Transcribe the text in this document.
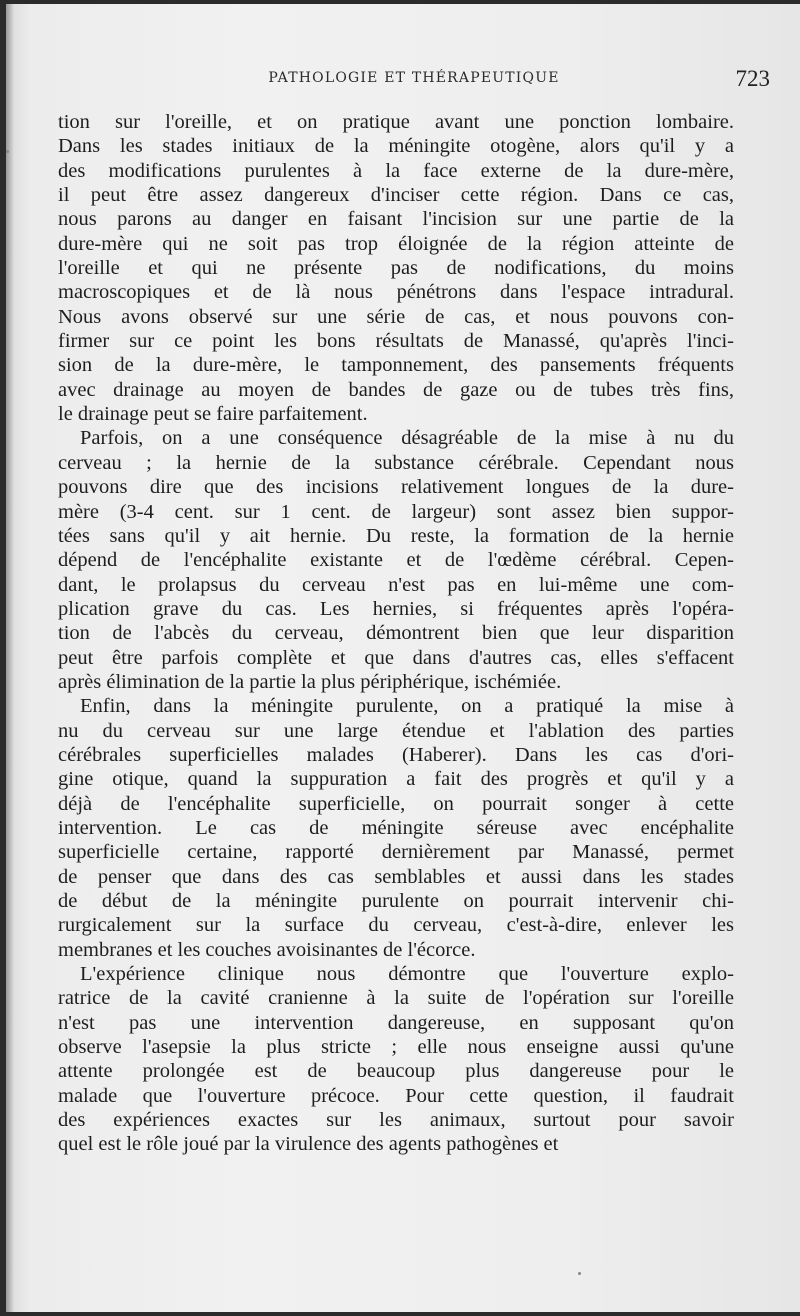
PATHOLOGIE ET THÉRAPEUTIQUE	723
tion sur l'oreille, et on pratique avant une ponction lombaire.
Dans les stades initiaux de la méningite otogène, alors qu'il y a
des modifications purulentes à la face externe de la dure-mère,
il peut être assez dangereux d'inciser cette région. Dans ce cas,
nous parons au danger en faisant l'incision sur une partie de la
dure-mère qui ne soit pas trop éloignée de la région atteinte de
l'oreille et qui ne présente pas de nodifications, du moins
macroscopiques et de là nous pénétrons dans l'espace intradural.
Nous avons observé sur une série de cas, et nous pouvons con-
firmer sur ce point les bons résultats de Manassé, qu'après l'inci-
sion de la dure-mère, le tamponnement, des pansements fréquents
avec drainage au moyen de bandes de gaze ou de tubes très fins,
le drainage peut se faire parfaitement.
Parfois, on a une conséquence désagréable de la mise à nu du
cerveau ; la hernie de la substance cérébrale. Cependant nous
pouvons dire que des incisions relativement longues de la dure-
mère (3-4 cent. sur 1 cent. de largeur) sont assez bien suppor-
tées sans qu'il y ait hernie. Du reste, la formation de la hernie
dépend de l'encéphalite existante et de l'œdème cérébral. Cepen-
dant, le prolapsus du cerveau n'est pas en lui-même une com-
plication grave du cas. Les hernies, si fréquentes après l'opéra-
tion de l'abcès du cerveau, démontrent bien que leur disparition
peut être parfois complète et que dans d'autres cas, elles s'effacent
après élimination de la partie la plus périphérique, ischémiée.
Enfin, dans la méningite purulente, on a pratiqué la mise à
nu du cerveau sur une large étendue et l'ablation des parties
cérébrales superficielles malades (Haberer). Dans les cas d'ori-
gine otique, quand la suppuration a fait des progrès et qu'il y a
déjà de l'encéphalite superficielle, on pourrait songer à cette
intervention. Le cas de méningite séreuse avec encéphalite
superficielle certaine, rapporté dernièrement par Manassé, permet
de penser que dans des cas semblables et aussi dans les stades
de début de la méningite purulente on pourrait intervenir chi-
rurgicalement sur la surface du cerveau, c'est-à-dire, enlever les
membranes et les couches avoisinantes de l'écorce.
L'expérience clinique nous démontre que l'ouverture explo-
ratrice de la cavité cranienne à la suite de l'opération sur l'oreille
n'est pas une intervention dangereuse, en supposant qu'on
observe l'asepsie la plus stricte ; elle nous enseigne aussi qu'une
attente prolongée est de beaucoup plus dangereuse pour le
malade que l'ouverture précoce. Pour cette question, il faudrait
des expériences exactes sur les animaux, surtout pour savoir
quel est le rôle joué par la virulence des agents pathogènes et
